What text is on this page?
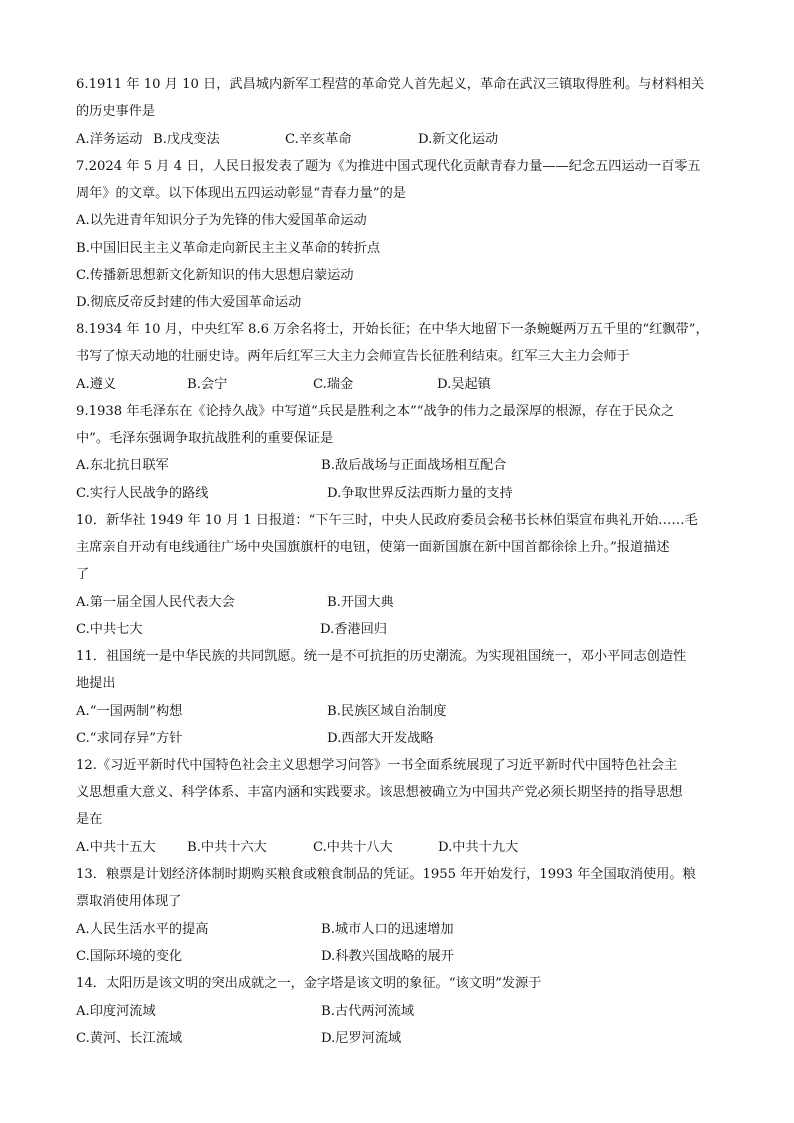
6.1911 年 10 月 10 日，武昌城内新军工程营的革命党人首先起义，革命在武汉三镇取得胜利。与材料相关
的历史事件是
A.洋务运动 B.戊戌变法	C.辛亥革命	D.新文化运动
7.2024 年 5 月 4 日，人民日报发表了题为《为推进中国式现代化贡献青春力量——纪念五四运动一百零五
周年》的文章。以下体现出五四运动彰显“青春力量”的是
A.以先进青年知识分子为先锋的伟大爱国革命运动
B.中国旧民主主义革命走向新民主主义革命的转折点
C.传播新思想新文化新知识的伟大思想启蒙运动
D.彻底反帝反封建的伟大爱国革命运动
8.1934 年 10 月，中央红军 8.6 万余名将士，开始长征；在中华大地留下一条蜿蜒两万五千里的“红飘带”，
书写了惊天动地的壮丽史诗。两年后红军三大主力会师宣告长征胜利结束。红军三大主力会师于
A.遵义	B.会宁	C.瑞金	D.吴起镇
9.1938 年毛泽东在《论持久战》中写道“兵民是胜利之本”“战争的伟力之最深厚的根源，存在于民众之
中”。毛泽东强调争取抗战胜利的重要保证是
A.东北抗日联军	B.敌后战场与正面战场相互配合
C.实行人民战争的路线	D.争取世界反法西斯力量的支持
10．新华社 1949 年 10 月 1 日报道：“下午三时，中央人民政府委员会秘书长林伯渠宣布典礼开始……毛
主席亲自开动有电线通往广场中央国旗旗杆的电钮，使第一面新国旗在新中国首都徐徐上升。”报道描述
了
A.第一届全国人民代表大会	B.开国大典
C.中共七大	D.香港回归
11．祖国统一是中华民族的共同凯愿。统一是不可抗拒的历史潮流。为实现祖国统一，邓小平同志创造性
地提出
A.“一国两制”构想	B.民族区域自治制度
C.“求同存异”方针	D.西部大开发战略
12.《习近平新时代中国特色社会主义思想学习问答》一书全面系统展现了习近平新时代中国特色社会主
义思想重大意义、科学体系、丰富内涵和实践要求。该思想被确立为中国共产党必须长期坚持的指导思想
是在
A.中共十五大 B.中共十六大	C.中共十八大	D.中共十九大
13．粮票是计划经济体制时期购买粮食或粮食制品的凭证。1955 年开始发行，1993 年全国取消使用。粮
票取消使用体现了
A.人民生活水平的提高	B.城市人口的迅速增加
C.国际环境的变化	D.科教兴国战略的展开
14．太阳历是该文明的突出成就之一，金字塔是该文明的象征。“该文明”发源于
A.印度河流域	B.古代两河流域
C.黄河、长江流域	D.尼罗河流域
